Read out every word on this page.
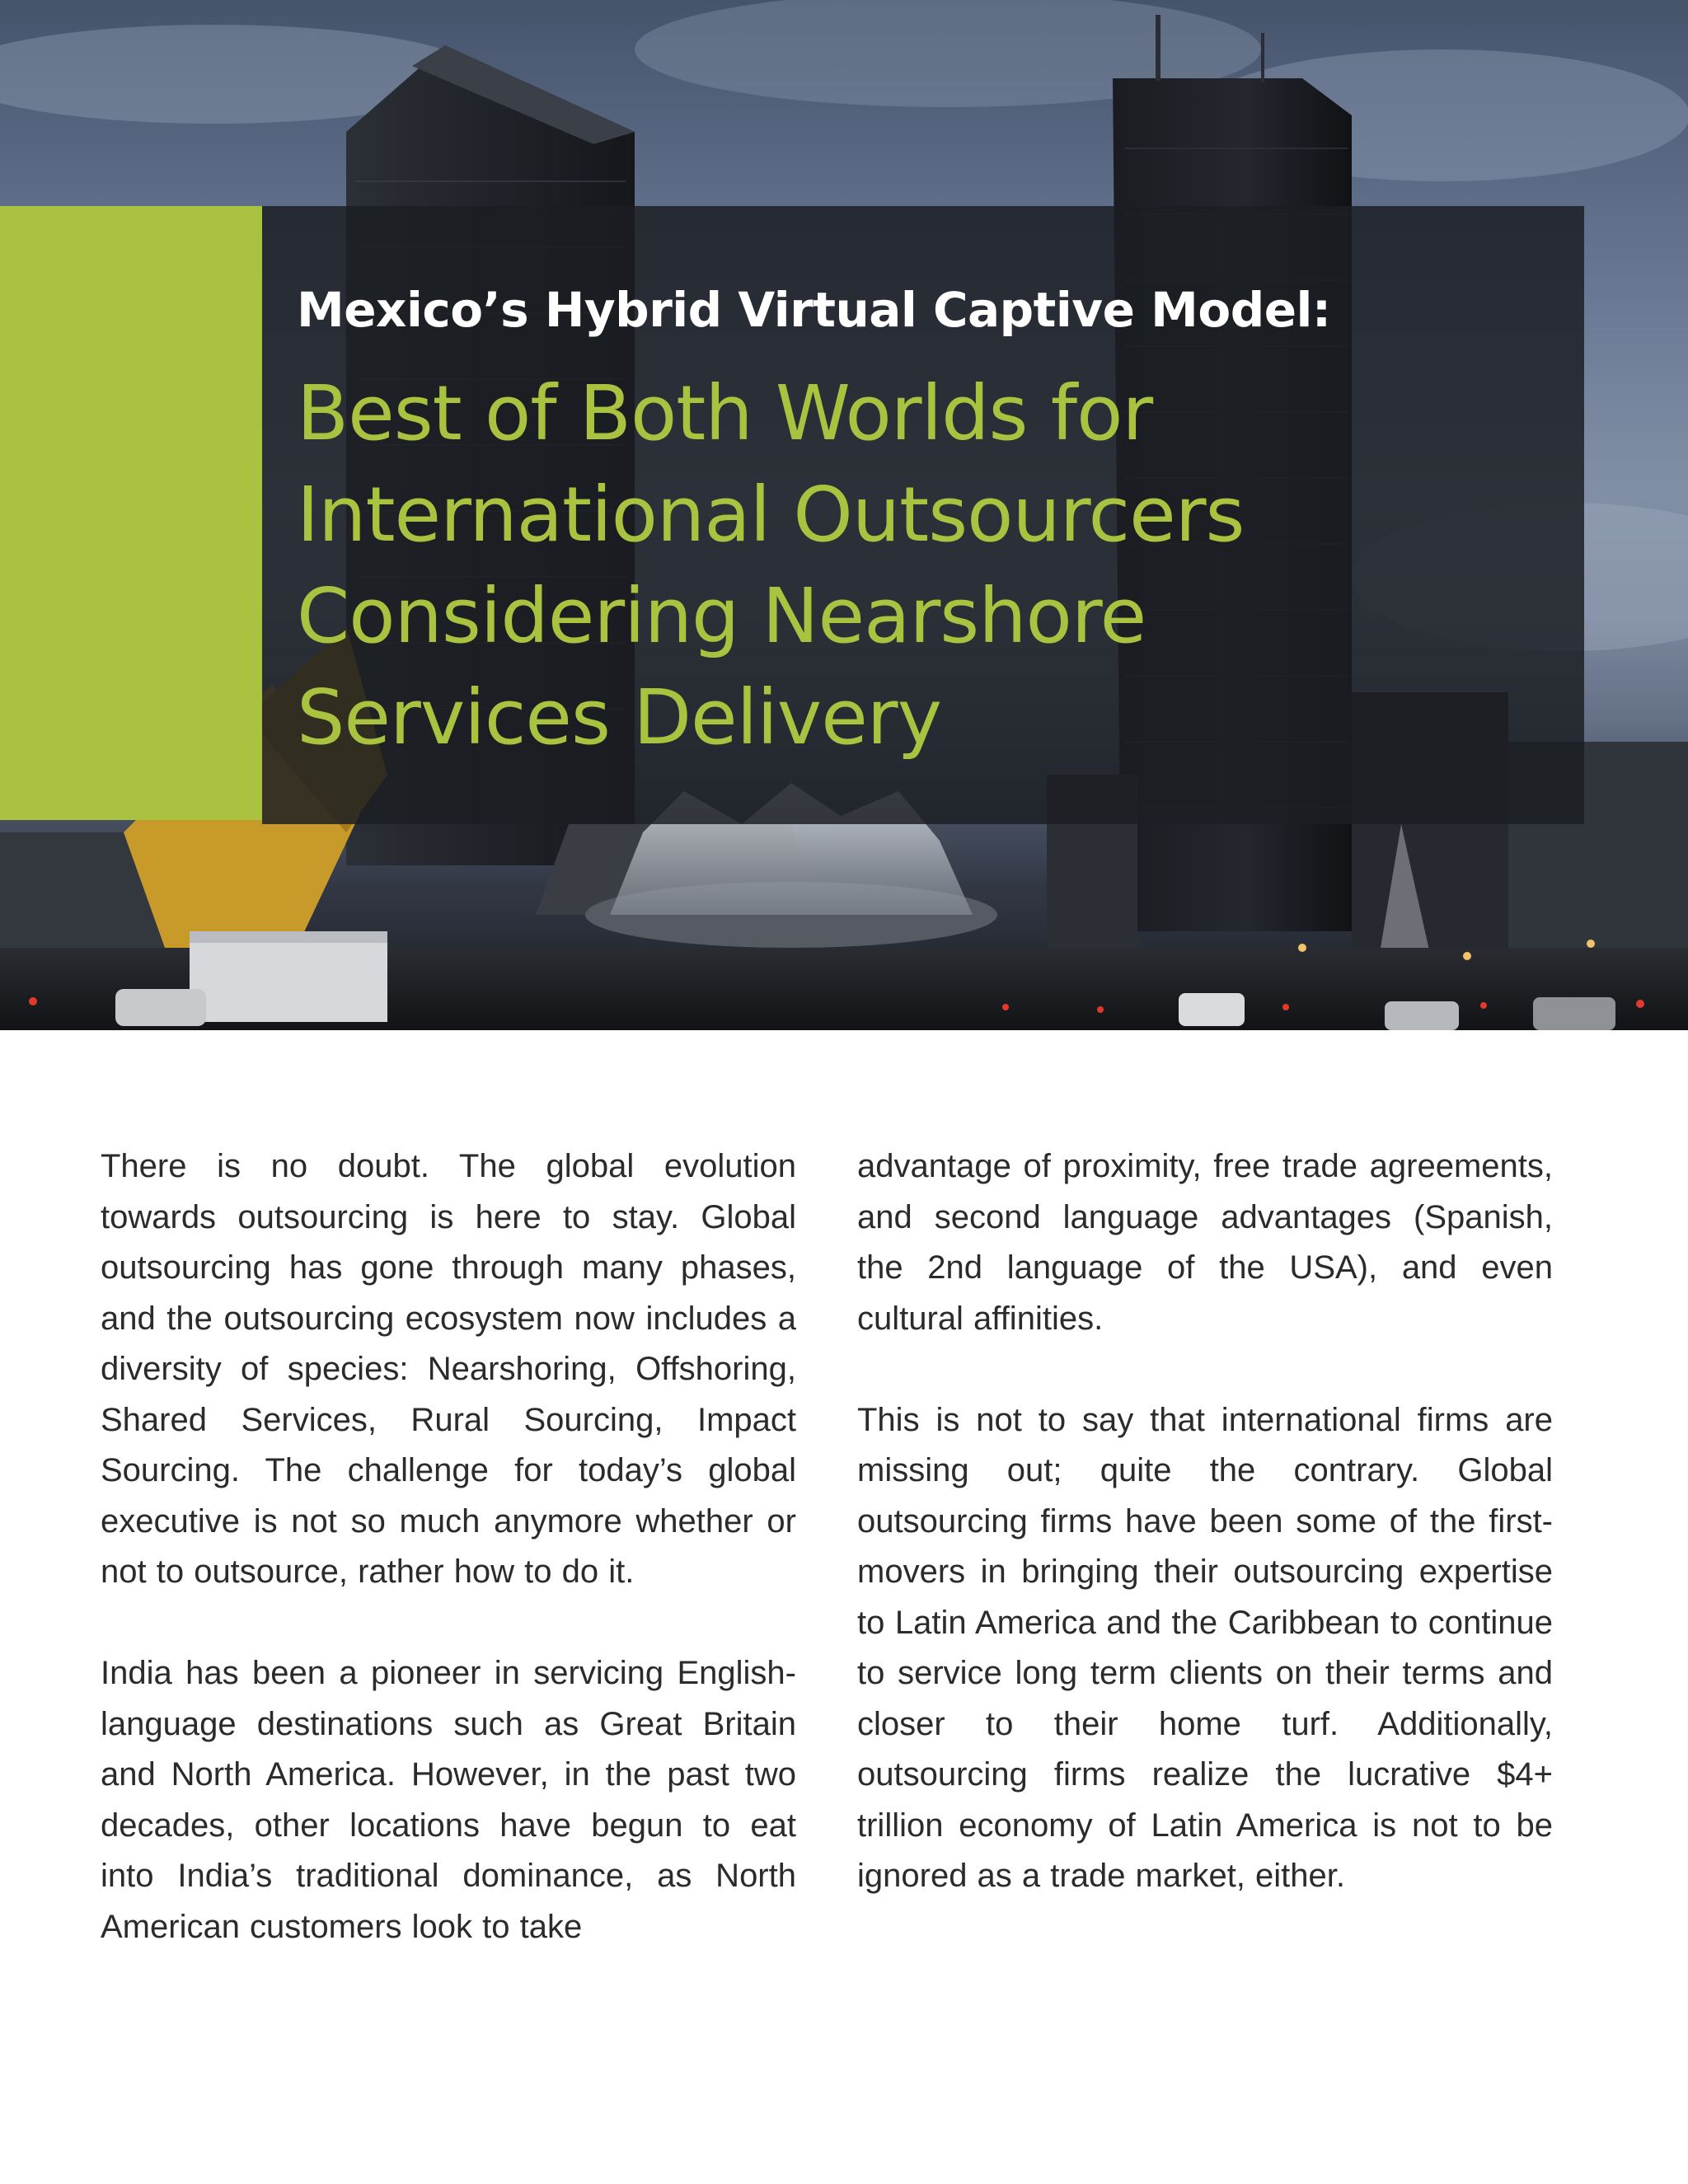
Mexico’s Hybrid Virtual Captive Model:
Best of Both Worlds for
International Outsourcers
Considering Nearshore
Services Delivery

There is no doubt. The global evolution towards outsourcing is here to stay. Global outsourcing has gone through many phases, and the outsourcing ecosystem now includes a diversity of species: Nearshoring, Offshoring, Shared Services, Rural Sourcing, Impact Sourcing. The challenge for today’s global executive is not so much anymore whether or not to outsource, rather how to do it.

India has been a pioneer in servicing English-language destinations such as Great Britain and North America. However, in the past two decades, other locations have begun to eat into India’s traditional dominance, as North American customers look to take

advantage of proximity, free trade agreements, and second language advantages (Spanish, the 2nd language of the USA), and even cultural affinities.

This is not to say that international firms are missing out; quite the contrary. Global outsourcing firms have been some of the first-movers in bringing their outsourcing expertise to Latin America and the Caribbean to continue to service long term clients on their terms and closer to their home turf. Additionally, outsourcing firms realize the lucrative $4+ trillion economy of Latin America is not to be ignored as a trade market, either.
